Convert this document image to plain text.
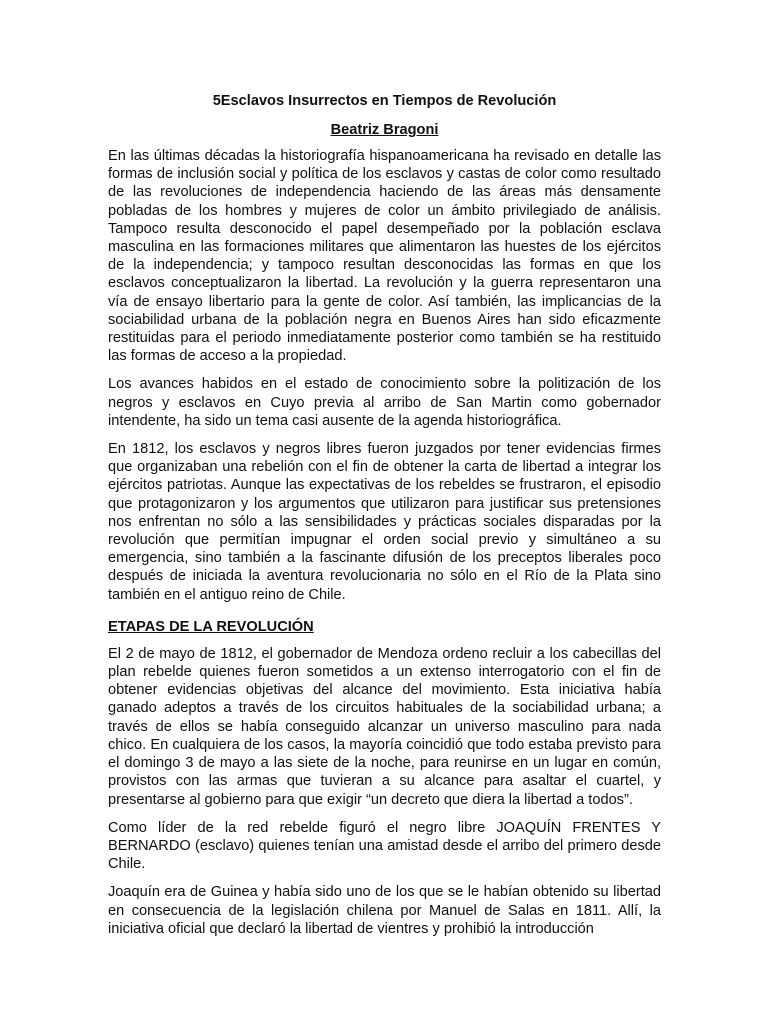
5Esclavos Insurrectos en Tiempos de Revolución
Beatriz Bragoni

En las últimas décadas la historiografía hispanoamericana ha revisado en detalle las formas de inclusión social y política de los esclavos y castas de color como resultado de las revoluciones de independencia haciendo de las áreas más densamente pobladas de los hombres y mujeres de color un ámbito privilegiado de análisis. Tampoco resulta desconocido el papel desempeñado por la población esclava masculina en las formaciones militares que alimentaron las huestes de los ejércitos de la independencia; y tampoco resultan desconocidas las formas en que los esclavos conceptualizaron la libertad. La revolución y la guerra representaron una vía de ensayo libertario para la gente de color. Así también, las implicancias de la sociabilidad urbana de la población negra en Buenos Aires han sido eficazmente restituidas para el periodo inmediatamente posterior como también se ha restituido las formas de acceso a la propiedad.

Los avances habidos en el estado de conocimiento sobre la politización de los negros y esclavos en Cuyo previa al arribo de San Martin como gobernador intendente, ha sido un tema casi ausente de la agenda historiográfica.

En 1812, los esclavos y negros libres fueron juzgados por tener evidencias firmes que organizaban una rebelión con el fin de obtener la carta de libertad a integrar los ejércitos patriotas. Aunque las expectativas de los rebeldes se frustraron, el episodio que protagonizaron y los argumentos que utilizaron para justificar sus pretensiones nos enfrentan no sólo a las sensibilidades y prácticas sociales disparadas por la revolución que permitían impugnar el orden social previo y simultáneo a su emergencia, sino también a la fascinante difusión de los preceptos liberales poco después de iniciada la aventura revolucionaria no sólo en el Río de la Plata sino también en el antiguo reino de Chile.

ETAPAS DE LA REVOLUCIÓN

El 2 de mayo de 1812, el gobernador de Mendoza ordeno recluir a los cabecillas del plan rebelde quienes fueron sometidos a un extenso interrogatorio con el fin de obtener evidencias objetivas del alcance del movimiento. Esta iniciativa había ganado adeptos a través de los circuitos habituales de la sociabilidad urbana; a través de ellos se había conseguido alcanzar un universo masculino para nada chico. En cualquiera de los casos, la mayoría coincidió que todo estaba previsto para el domingo 3 de mayo a las siete de la noche, para reunirse en un lugar en común, provistos con las armas que tuvieran a su alcance para asaltar el cuartel, y presentarse al gobierno para que exigir “un decreto que diera la libertad a todos”.

Como líder de la red rebelde figuró el negro libre JOAQUÍN FRENTES Y BERNARDO (esclavo) quienes tenían una amistad desde el arribo del primero desde Chile.

Joaquín era de Guinea y había sido uno de los que se le habían obtenido su libertad en consecuencia de la legislación chilena por Manuel de Salas en 1811. Allí, la iniciativa oficial que declaró la libertad de vientres y prohibió la introducción
